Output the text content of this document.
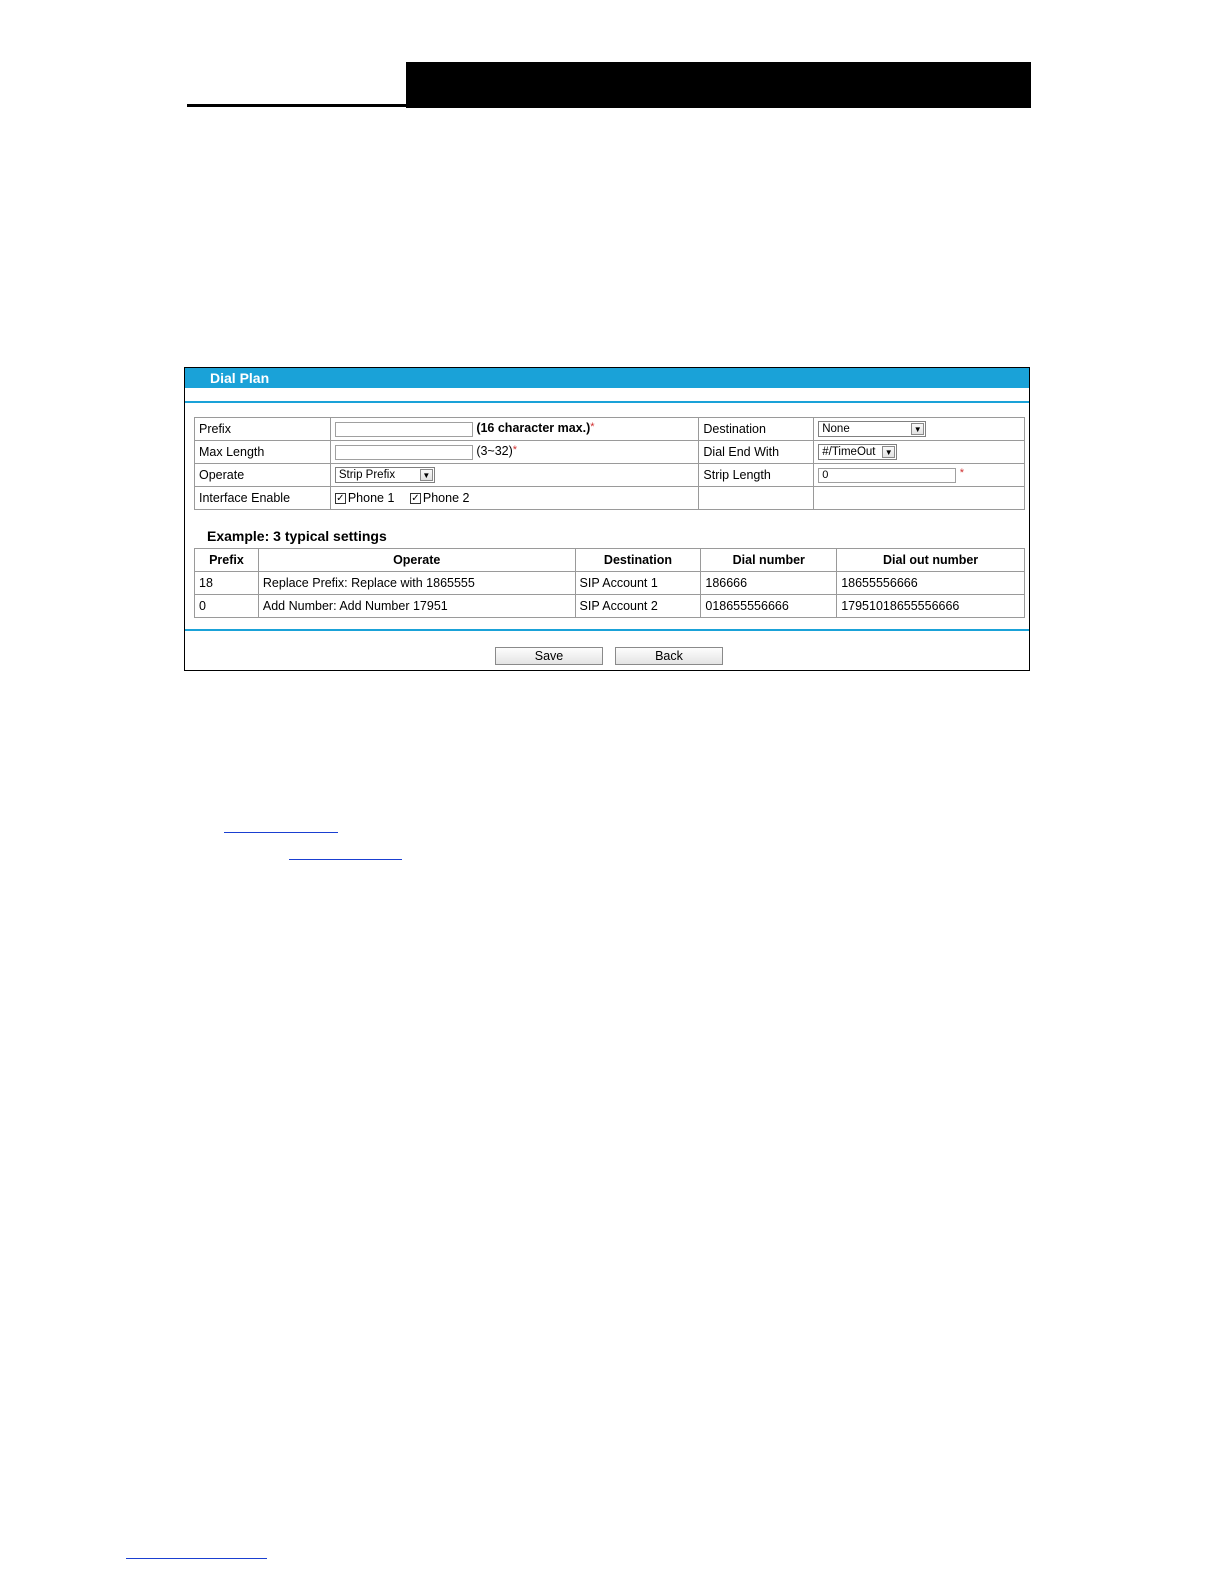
Dial Plan
Prefix	(16 character max.)*	Destination	None ▼

Max Length	(3~32)*	Dial End With	#/TimeOut ▼

Operate	Strip Prefix ▼	Strip Length	0 *
Interface Enable	✓ Phone 1 ✓ Phone 2		
Example: 3 typical settings
Prefix	Operate	Destination	Dial number	Dial out number
18	Replace Prefix: Replace with 1865555	SIP Account 1	186666	18655556666
0	Add Number: Add Number 17951	SIP Account 2	018655556666	17951018655556666
Save	Back
